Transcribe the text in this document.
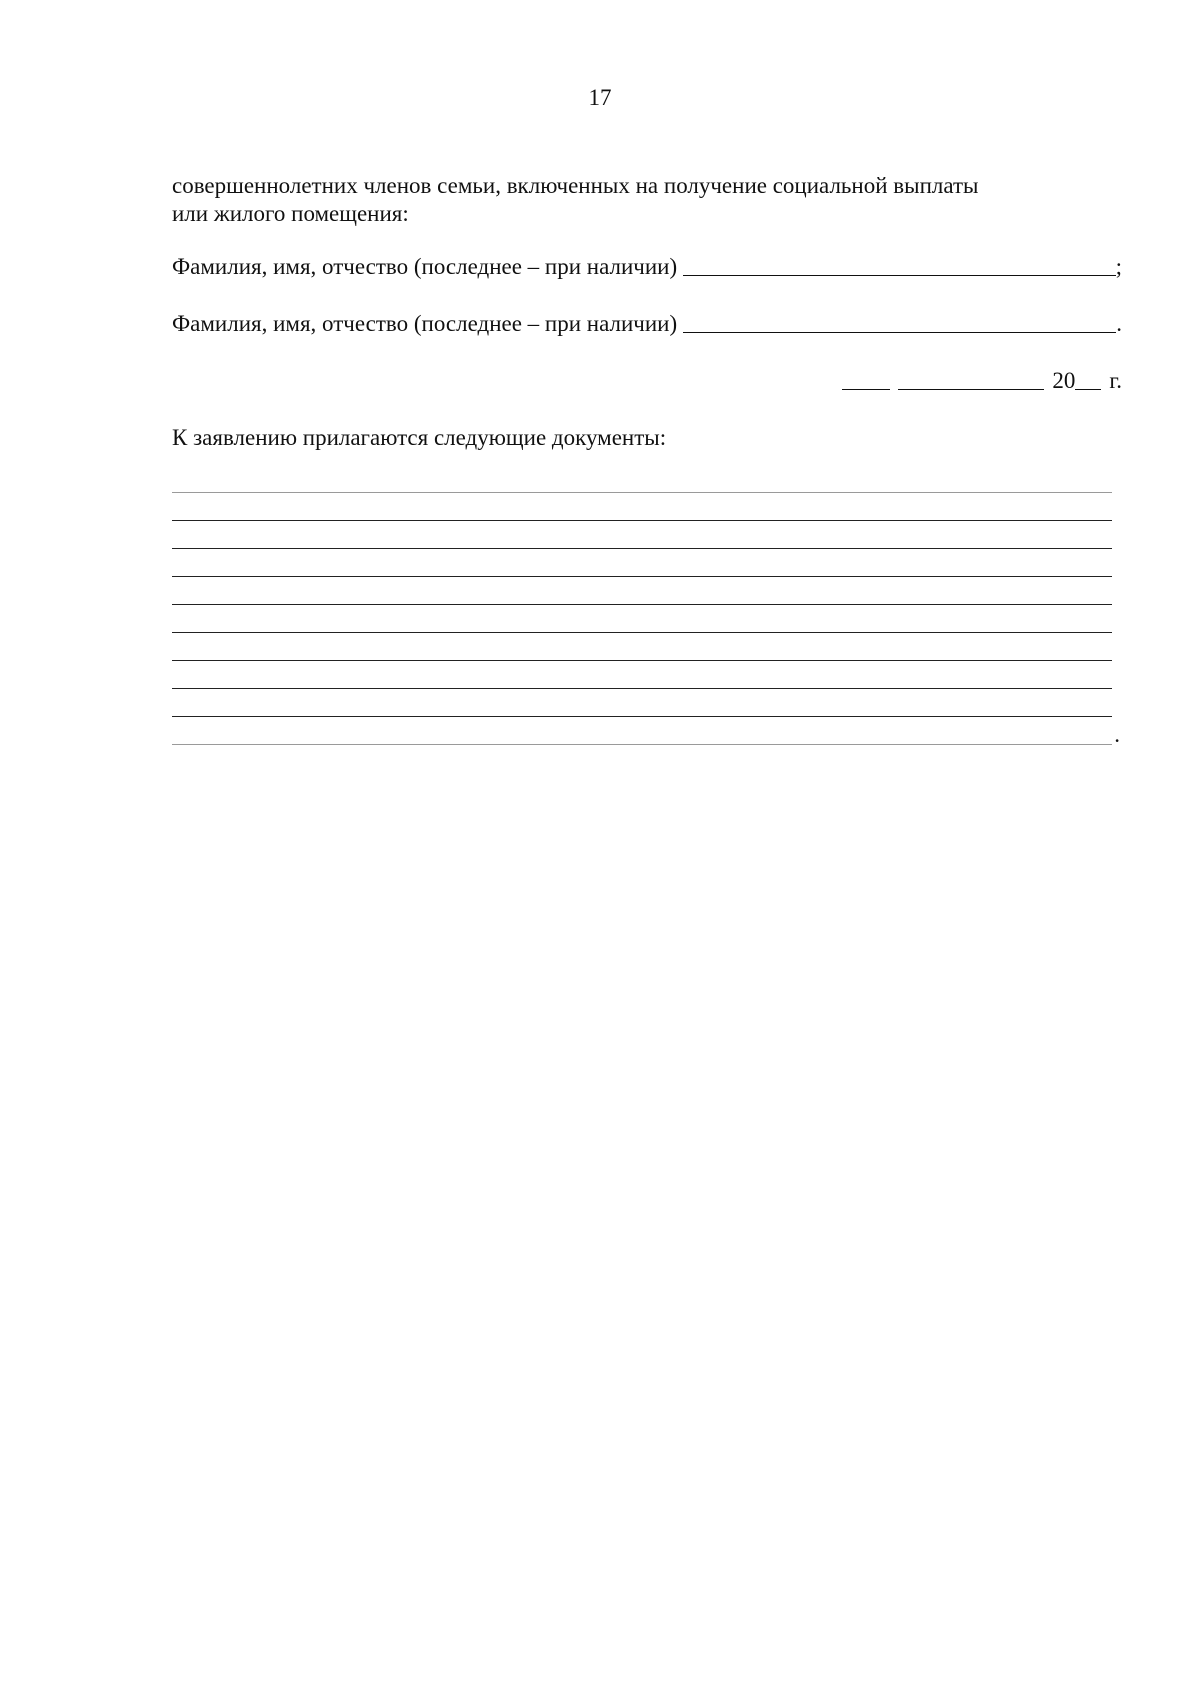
17
совершеннолетних членов семьи, включенных на получение социальной выплаты
или жилого помещения:
Фамилия, имя, отчество (последнее – при наличии)	;
Фамилия, имя, отчество (последнее – при наличии)	.
20 г.
К заявлению прилагаются следующие документы:
.
